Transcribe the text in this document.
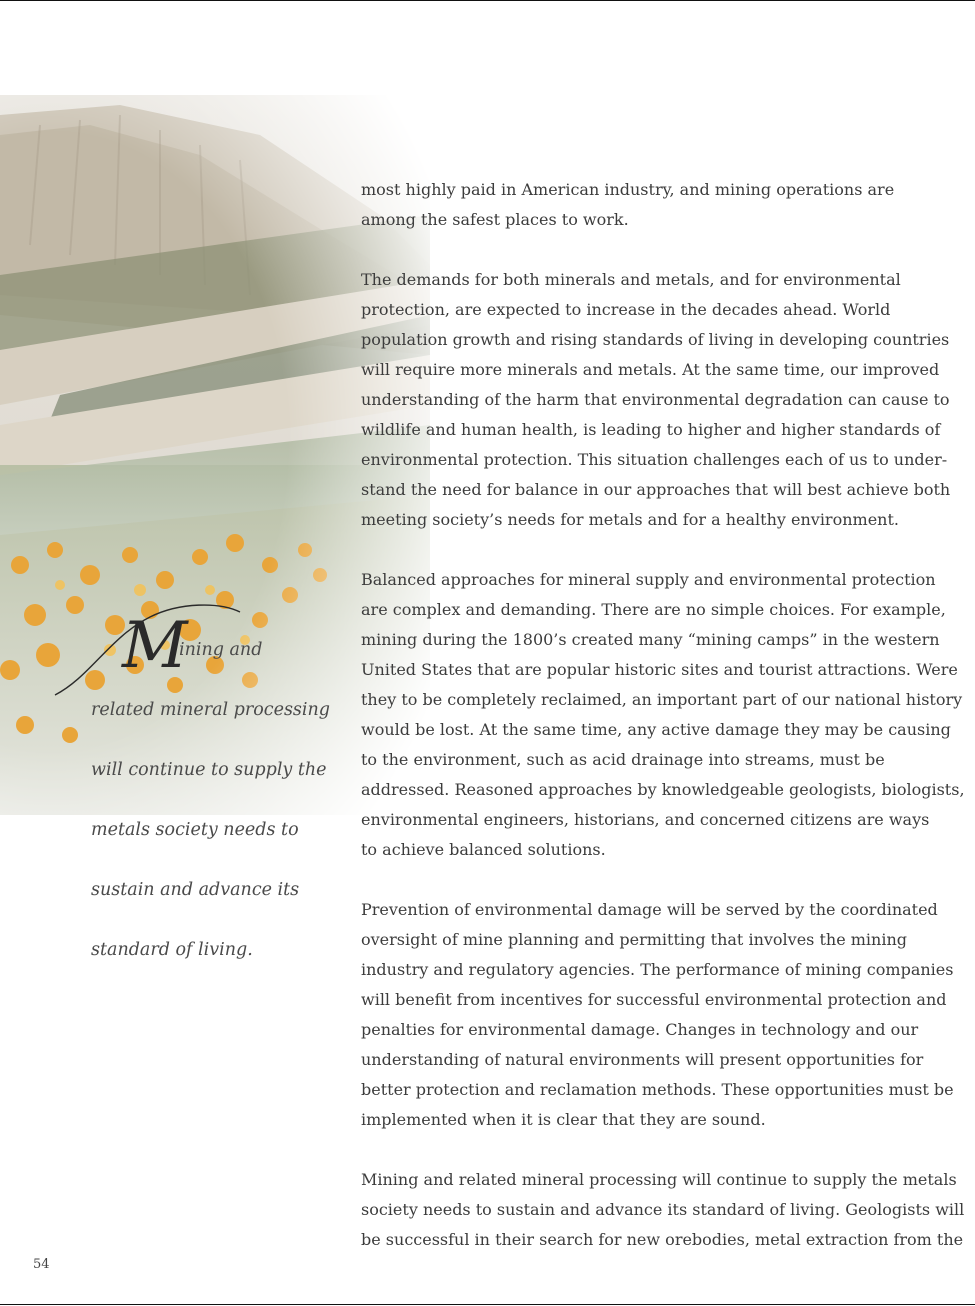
M
ining and
related mineral processing
will continue to supply the
metals society needs to
sustain and advance its
standard of living.

most highly paid in American industry, and mining operations are
among the safest places to work.

The demands for both minerals and metals, and for environmental
protection, are expected to increase in the decades ahead. World
population growth and rising standards of living in developing countries
will require more minerals and metals. At the same time, our improved
understanding of the harm that environmental degradation can cause to
wildlife and human health, is leading to higher and higher standards of
environmental protection. This situation challenges each of us to under-
stand the need for balance in our approaches that will best achieve both
meeting society’s needs for metals and for a healthy environment.

Balanced approaches for mineral supply and environmental protection
are complex and demanding. There are no simple choices. For example,
mining during the 1800’s created many “mining camps” in the western
United States that are popular historic sites and tourist attractions. Were
they to be completely reclaimed, an important part of our national history
would be lost. At the same time, any active damage they may be causing
to the environment, such as acid drainage into streams, must be
addressed. Reasoned approaches by knowledgeable geologists, biologists,
environmental engineers, historians, and concerned citizens are ways
to achieve balanced solutions.

Prevention of environmental damage will be served by the coordinated
oversight of mine planning and permitting that involves the mining
industry and regulatory agencies. The performance of mining companies
will benefit from incentives for successful environmental protection and
penalties for environmental damage. Changes in technology and our
understanding of natural environments will present opportunities for
better protection and reclamation methods. These opportunities must be
implemented when it is clear that they are sound.

Mining and related mineral processing will continue to supply the metals
society needs to sustain and advance its standard of living. Geologists will
be successful in their search for new orebodies, metal extraction from the

54
